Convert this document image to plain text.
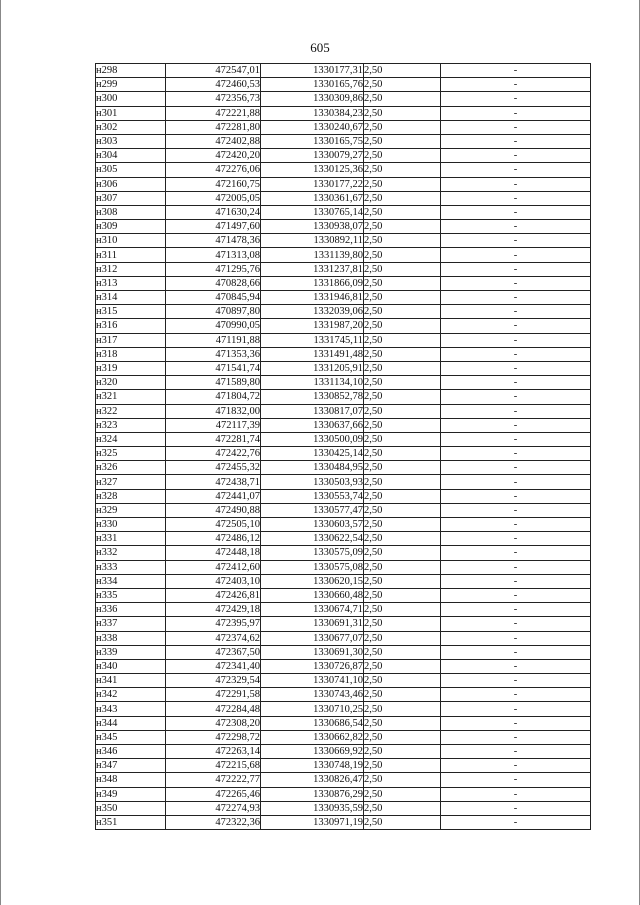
605
н298	472547,01	1330177,31	2,50	-
н299	472460,53	1330165,76	2,50	-
н300	472356,73	1330309,86	2,50	-
н301	472221,88	1330384,23	2,50	-
н302	472281,80	1330240,67	2,50	-
н303	472402,88	1330165,75	2,50	-
н304	472420,20	1330079,27	2,50	-
н305	472276,06	1330125,36	2,50	-
н306	472160,75	1330177,22	2,50	-
н307	472005,05	1330361,67	2,50	-
н308	471630,24	1330765,14	2,50	-
н309	471497,60	1330938,07	2,50	-
н310	471478,36	1330892,11	2,50	-
н311	471313,08	1331139,80	2,50	-
н312	471295,76	1331237,81	2,50	-
н313	470828,66	1331866,09	2,50	-
н314	470845,94	1331946,81	2,50	-
н315	470897,80	1332039,06	2,50	-
н316	470990,05	1331987,20	2,50	-
н317	471191,88	1331745,11	2,50	-
н318	471353,36	1331491,48	2,50	-
н319	471541,74	1331205,91	2,50	-
н320	471589,80	1331134,10	2,50	-
н321	471804,72	1330852,78	2,50	-
н322	471832,00	1330817,07	2,50	-
н323	472117,39	1330637,66	2,50	-
н324	472281,74	1330500,09	2,50	-
н325	472422,76	1330425,14	2,50	-
н326	472455,32	1330484,95	2,50	-
н327	472438,71	1330503,93	2,50	-
н328	472441,07	1330553,74	2,50	-
н329	472490,88	1330577,47	2,50	-
н330	472505,10	1330603,57	2,50	-
н331	472486,12	1330622,54	2,50	-
н332	472448,18	1330575,09	2,50	-
н333	472412,60	1330575,08	2,50	-
н334	472403,10	1330620,15	2,50	-
н335	472426,81	1330660,48	2,50	-
н336	472429,18	1330674,71	2,50	-
н337	472395,97	1330691,31	2,50	-
н338	472374,62	1330677,07	2,50	-
н339	472367,50	1330691,30	2,50	-
н340	472341,40	1330726,87	2,50	-
н341	472329,54	1330741,10	2,50	-
н342	472291,58	1330743,46	2,50	-
н343	472284,48	1330710,25	2,50	-
н344	472308,20	1330686,54	2,50	-
н345	472298,72	1330662,82	2,50	-
н346	472263,14	1330669,92	2,50	-
н347	472215,68	1330748,19	2,50	-
н348	472222,77	1330826,47	2,50	-
н349	472265,46	1330876,29	2,50	-
н350	472274,93	1330935,59	2,50	-
н351	472322,36	1330971,19	2,50	-
